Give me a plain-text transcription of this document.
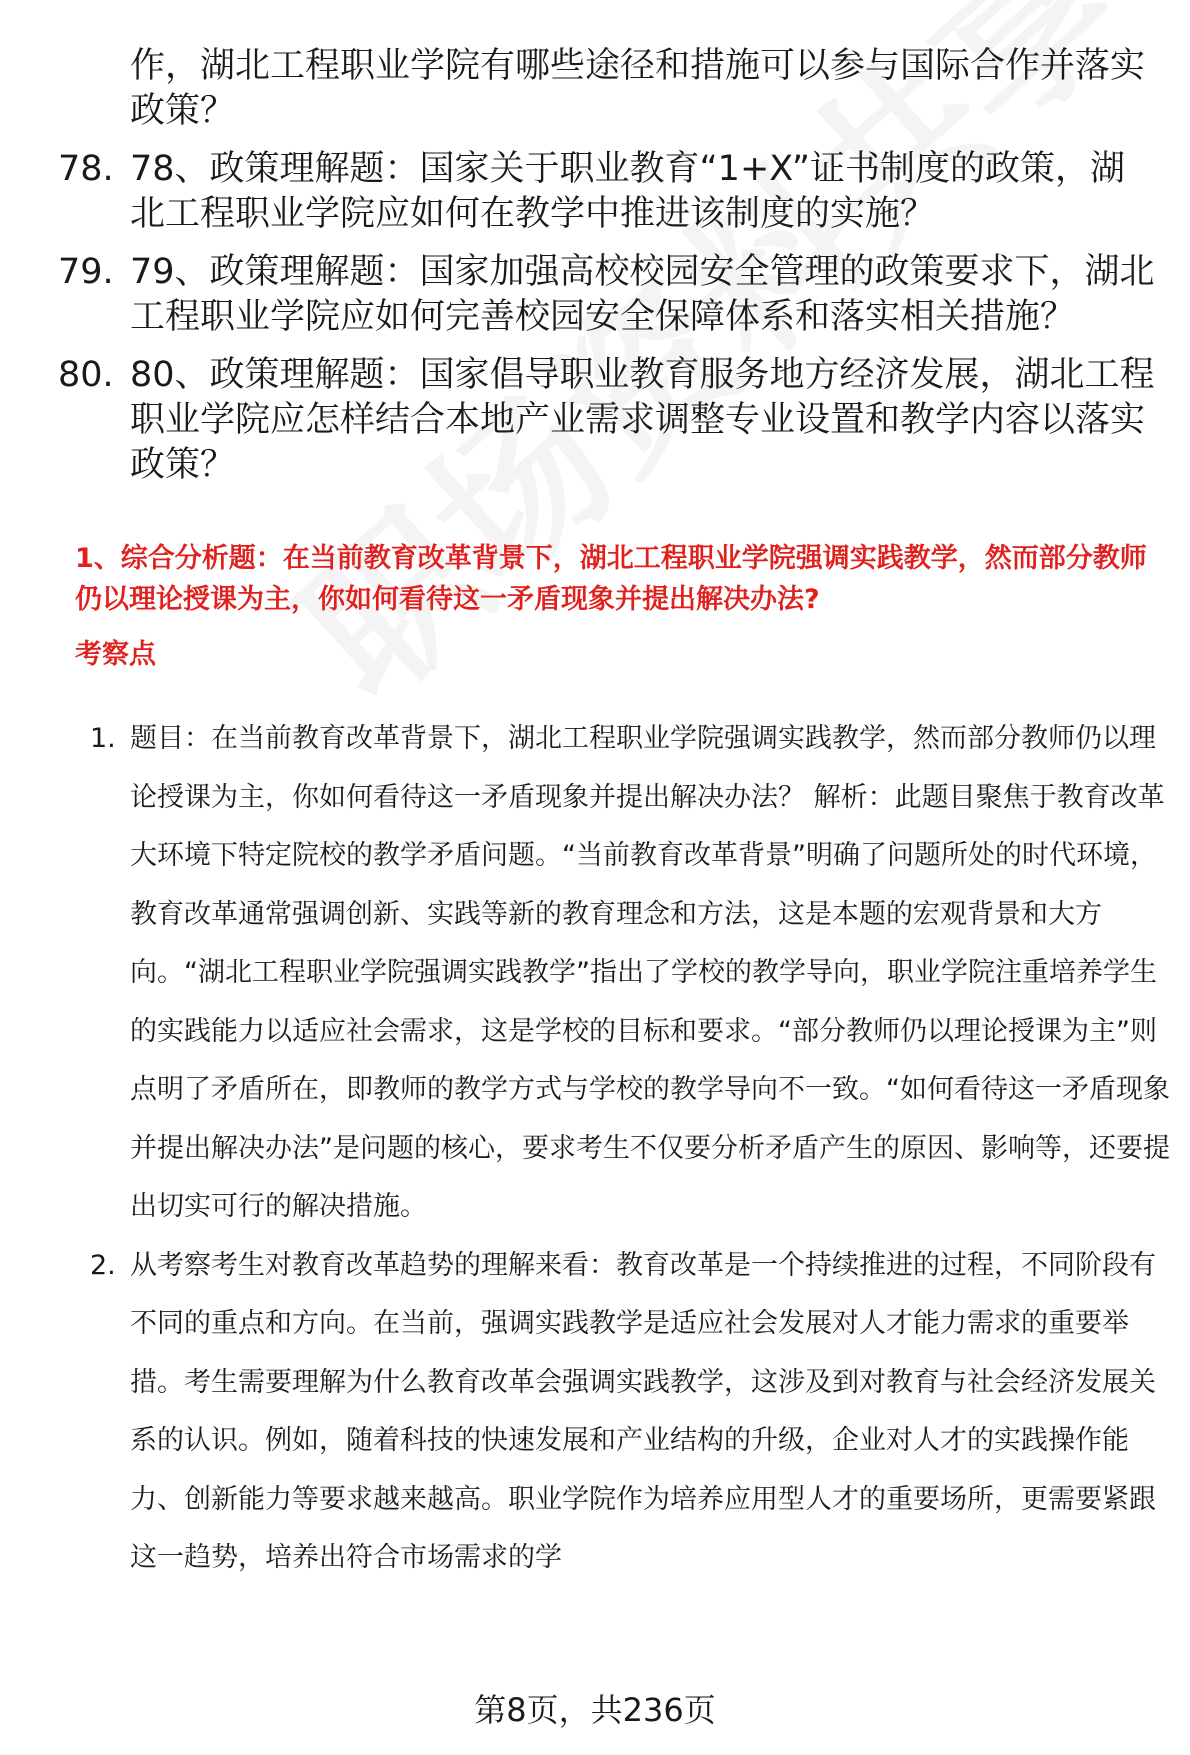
作，湖北工程职业学院有哪些途径和措施可以参与国际合作并落实政策？
78. 78、政策理解题：国家关于职业教育“1+X”证书制度的政策，湖北工程职业学院应如何在教学中推进该制度的实施？
79. 79、政策理解题：国家加强高校校园安全管理的政策要求下，湖北工程职业学院应如何完善校园安全保障体系和落实相关措施？
80. 80、政策理解题：国家倡导职业教育服务地方经济发展，湖北工程职业学院应怎样结合本地产业需求调整专业设置和教学内容以落实政策？
1、综合分析题：在当前教育改革背景下，湖北工程职业学院强调实践教学，然而部分教师仍以理论授课为主，你如何看待这一矛盾现象并提出解决办法?
考察点
1. 题目：在当前教育改革背景下，湖北工程职业学院强调实践教学，然而部分教师仍以理论授课为主，你如何看待这一矛盾现象并提出解决办法？ 解析：此题目聚焦于教育改革大环境下特定院校的教学矛盾问题。“当前教育改革背景”明确了问题所处的时代环境，教育改革通常强调创新、实践等新的教育理念和方法，这是本题的宏观背景和大方向。“湖北工程职业学院强调实践教学”指出了学校的教学导向，职业学院注重培养学生的实践能力以适应社会需求，这是学校的目标和要求。“部分教师仍以理论授课为主”则点明了矛盾所在，即教师的教学方式与学校的教学导向不一致。“如何看待这一矛盾现象并提出解决办法”是问题的核心，要求考生不仅要分析矛盾产生的原因、影响等，还要提出切实可行的解决措施。
2. 从考察考生对教育改革趋势的理解来看：教育改革是一个持续推进的过程，不同阶段有不同的重点和方向。在当前，强调实践教学是适应社会发展对人才能力需求的重要举措。考生需要理解为什么教育改革会强调实践教学，这涉及到对教育与社会经济发展关系的认识。例如，随着科技的快速发展和产业结构的升级，企业对人才的实践操作能力、创新能力等要求越来越高。职业学院作为培养应用型人才的重要场所，更需要紧跟这一趋势，培养出符合市场需求的学
第8页，共236页
